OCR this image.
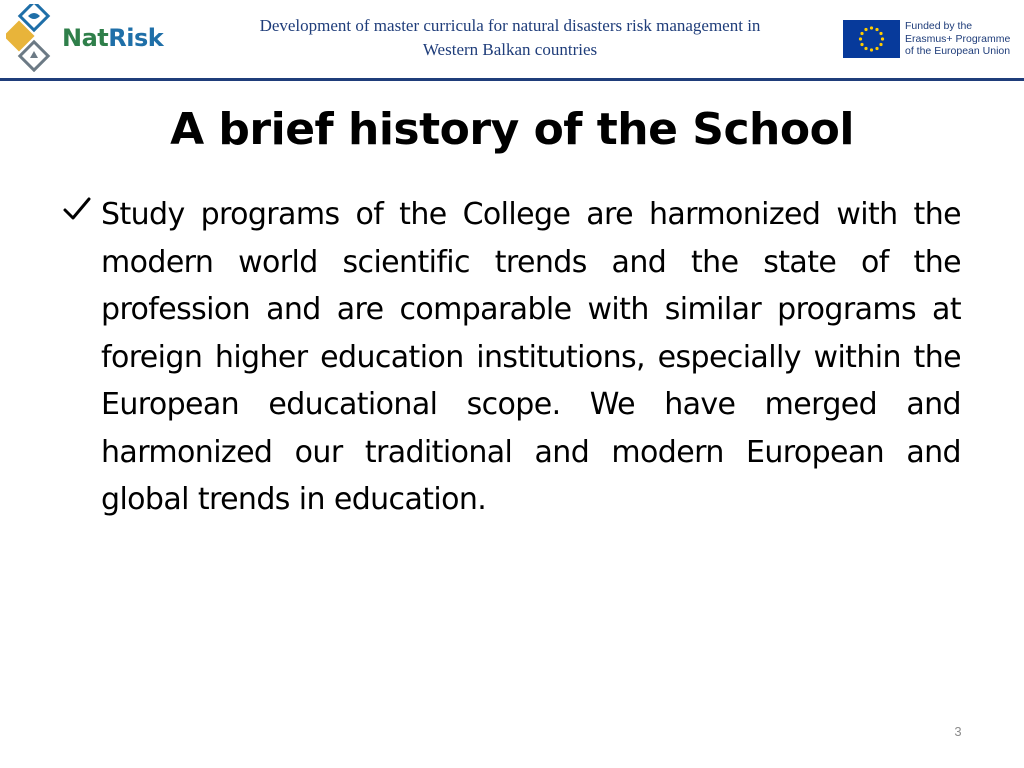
NatRisk	Development of master curricula for natural disasters risk management in Western Balkan countries
Funded by the
Erasmus+ Programme
of the European Union
A brief history of the School
Study programs of the College are harmonized with the modern world scientific trends and the state of the profession and are comparable with similar programs at foreign higher education institutions, especially within the European educational scope. We have merged and harmonized our traditional and modern European and global trends in education.
3
